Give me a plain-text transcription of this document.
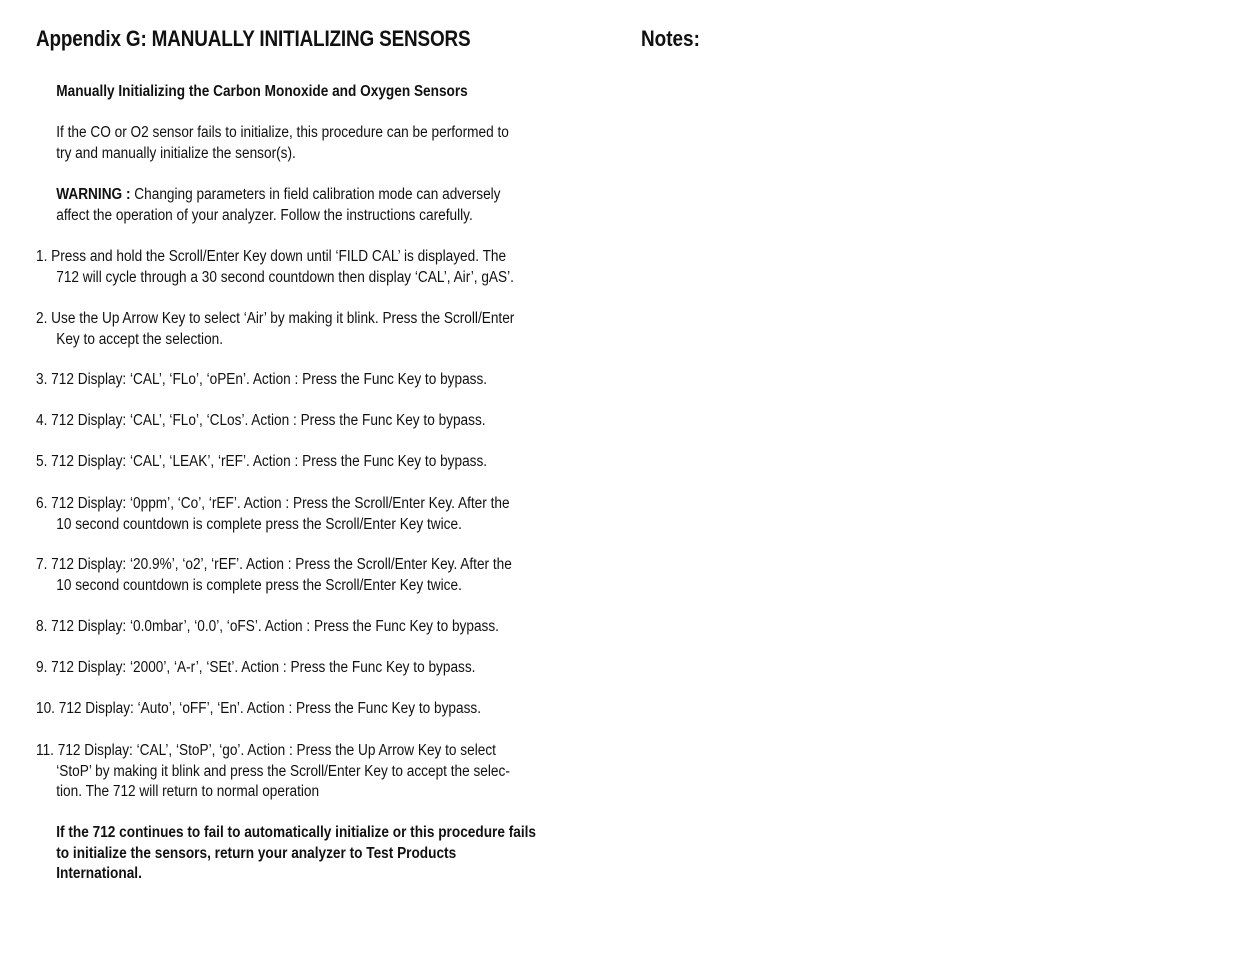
Appendix G: MANUALLY INITIALIZING SENSORS
Manually Initializing the Carbon Monoxide and Oxygen Sensors
If the CO or O2 sensor fails to initialize, this procedure can be performed to
try and manually initialize the sensor(s).
WARNING : Changing parameters in field calibration mode can adversely
affect the operation of your analyzer. Follow the instructions carefully.
1. Press and hold the Scroll/Enter Key down until ‘FILD CAL’ is displayed. The
712 will cycle through a 30 second countdown then display ‘CAL’, Air’, gAS’.
2. Use the Up Arrow Key to select ‘Air’ by making it blink. Press the Scroll/Enter
Key to accept the selection.
3. 712 Display: ‘CAL’, ‘FLo’, ‘oPEn’. Action : Press the Func Key to bypass.
4. 712 Display: ‘CAL’, ‘FLo’, ‘CLos’. Action : Press the Func Key to bypass.
5. 712 Display: ‘CAL’, ‘LEAK’, ‘rEF’. Action : Press the Func Key to bypass.
6. 712 Display: ‘0ppm’, ‘Co’, ‘rEF’. Action : Press the Scroll/Enter Key. After the
10 second countdown is complete press the Scroll/Enter Key twice.
7. 712 Display: ‘20.9%’, ‘o2’, ‘rEF’. Action : Press the Scroll/Enter Key. After the
10 second countdown is complete press the Scroll/Enter Key twice.
8. 712 Display: ‘0.0mbar’, ‘0.0’, ‘oFS’. Action : Press the Func Key to bypass.
9. 712 Display: ‘2000’, ‘A-r’, ‘SEt’. Action : Press the Func Key to bypass.
10. 712 Display: ‘Auto’, ‘oFF’, ‘En’. Action : Press the Func Key to bypass.
11. 712 Display: ‘CAL’, ‘StoP’, ‘go’. Action : Press the Up Arrow Key to select
‘StoP’ by making it blink and press the Scroll/Enter Key to accept the selec-
tion. The 712 will return to normal operation
If the 712 continues to fail to automatically initialize or this procedure fails
to initialize the sensors, return your analyzer to Test Products
International.
Notes:
